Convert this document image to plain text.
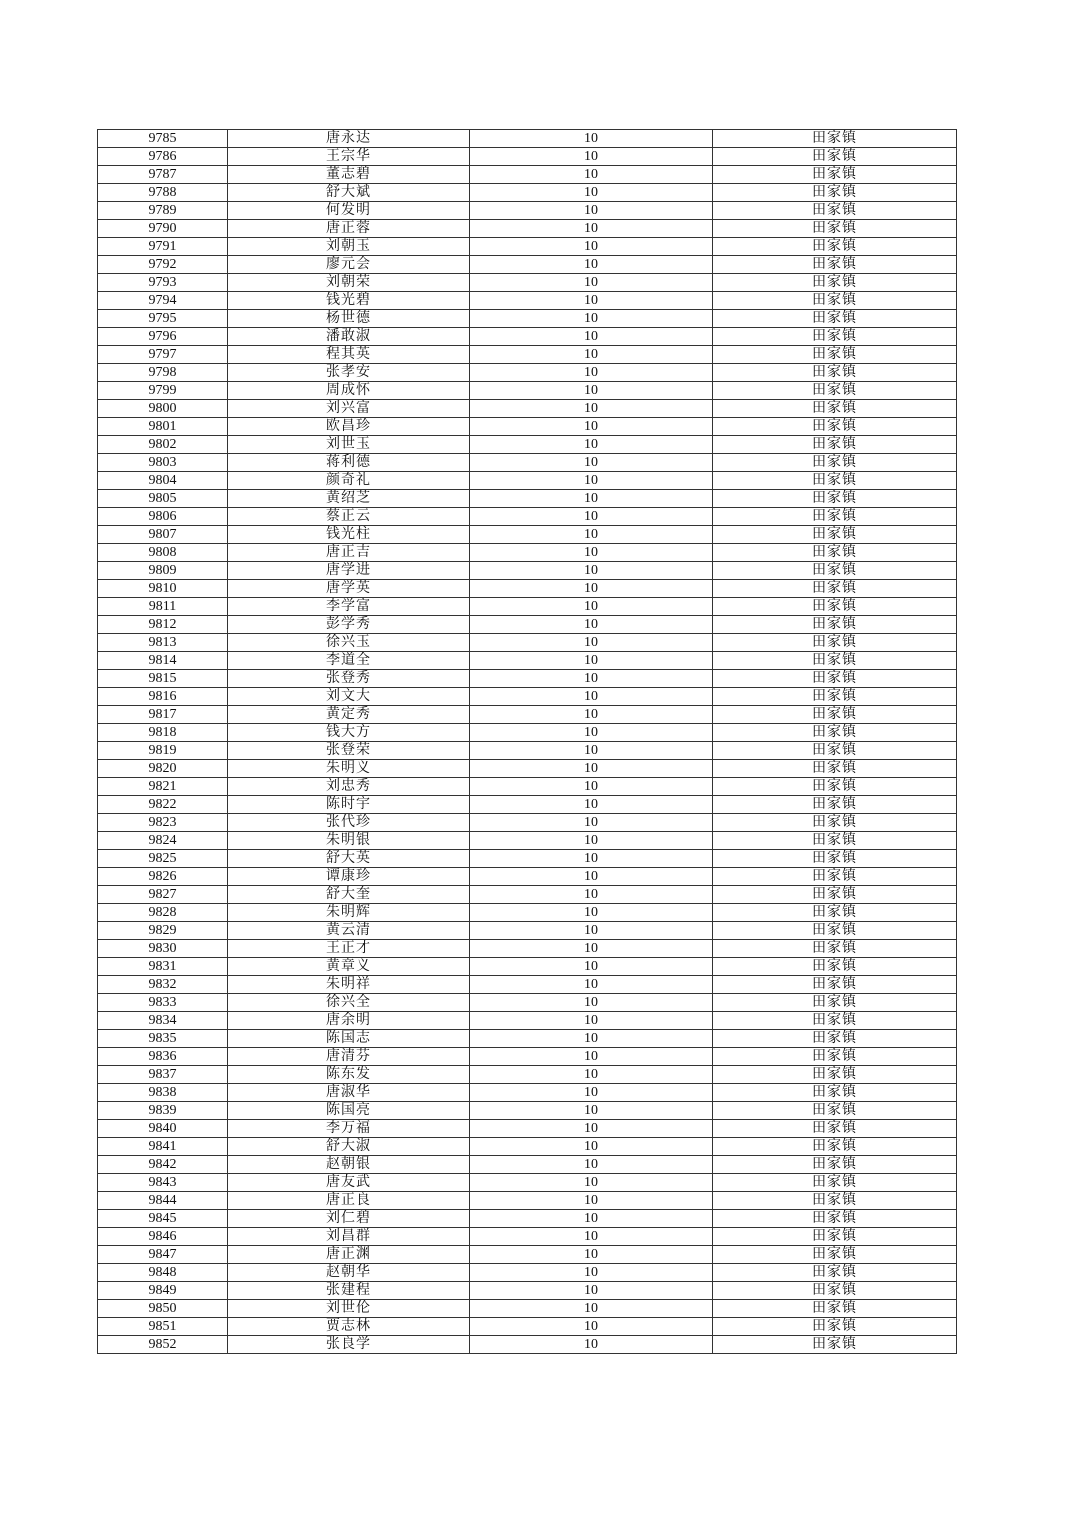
9785	唐永达	10	田家镇
9786	王宗华	10	田家镇
9787	董志碧	10	田家镇
9788	舒大斌	10	田家镇
9789	何发明	10	田家镇
9790	唐正蓉	10	田家镇
9791	刘朝玉	10	田家镇
9792	廖元会	10	田家镇
9793	刘朝荣	10	田家镇
9794	钱光碧	10	田家镇
9795	杨世德	10	田家镇
9796	潘敢淑	10	田家镇
9797	程其英	10	田家镇
9798	张孝安	10	田家镇
9799	周成怀	10	田家镇
9800	刘兴富	10	田家镇
9801	欧昌珍	10	田家镇
9802	刘世玉	10	田家镇
9803	蒋利德	10	田家镇
9804	颜奇礼	10	田家镇
9805	黄绍芝	10	田家镇
9806	蔡正云	10	田家镇
9807	钱光柱	10	田家镇
9808	唐正吉	10	田家镇
9809	唐学进	10	田家镇
9810	唐学英	10	田家镇
9811	李学富	10	田家镇
9812	彭学秀	10	田家镇
9813	徐兴玉	10	田家镇
9814	李道全	10	田家镇
9815	张登秀	10	田家镇
9816	刘文大	10	田家镇
9817	黄定秀	10	田家镇
9818	钱大方	10	田家镇
9819	张登荣	10	田家镇
9820	朱明义	10	田家镇
9821	刘忠秀	10	田家镇
9822	陈时宇	10	田家镇
9823	张代珍	10	田家镇
9824	朱明银	10	田家镇
9825	舒大英	10	田家镇
9826	谭康珍	10	田家镇
9827	舒大奎	10	田家镇
9828	朱明辉	10	田家镇
9829	黄云清	10	田家镇
9830	王正才	10	田家镇
9831	黄章义	10	田家镇
9832	朱明祥	10	田家镇
9833	徐兴全	10	田家镇
9834	唐余明	10	田家镇
9835	陈国志	10	田家镇
9836	唐清芬	10	田家镇
9837	陈东发	10	田家镇
9838	唐淑华	10	田家镇
9839	陈国亮	10	田家镇
9840	李万福	10	田家镇
9841	舒大淑	10	田家镇
9842	赵朝银	10	田家镇
9843	唐友武	10	田家镇
9844	唐正良	10	田家镇
9845	刘仁碧	10	田家镇
9846	刘昌群	10	田家镇
9847	唐正渊	10	田家镇
9848	赵朝华	10	田家镇
9849	张建程	10	田家镇
9850	刘世伦	10	田家镇
9851	贾志林	10	田家镇
9852	张良学	10	田家镇
